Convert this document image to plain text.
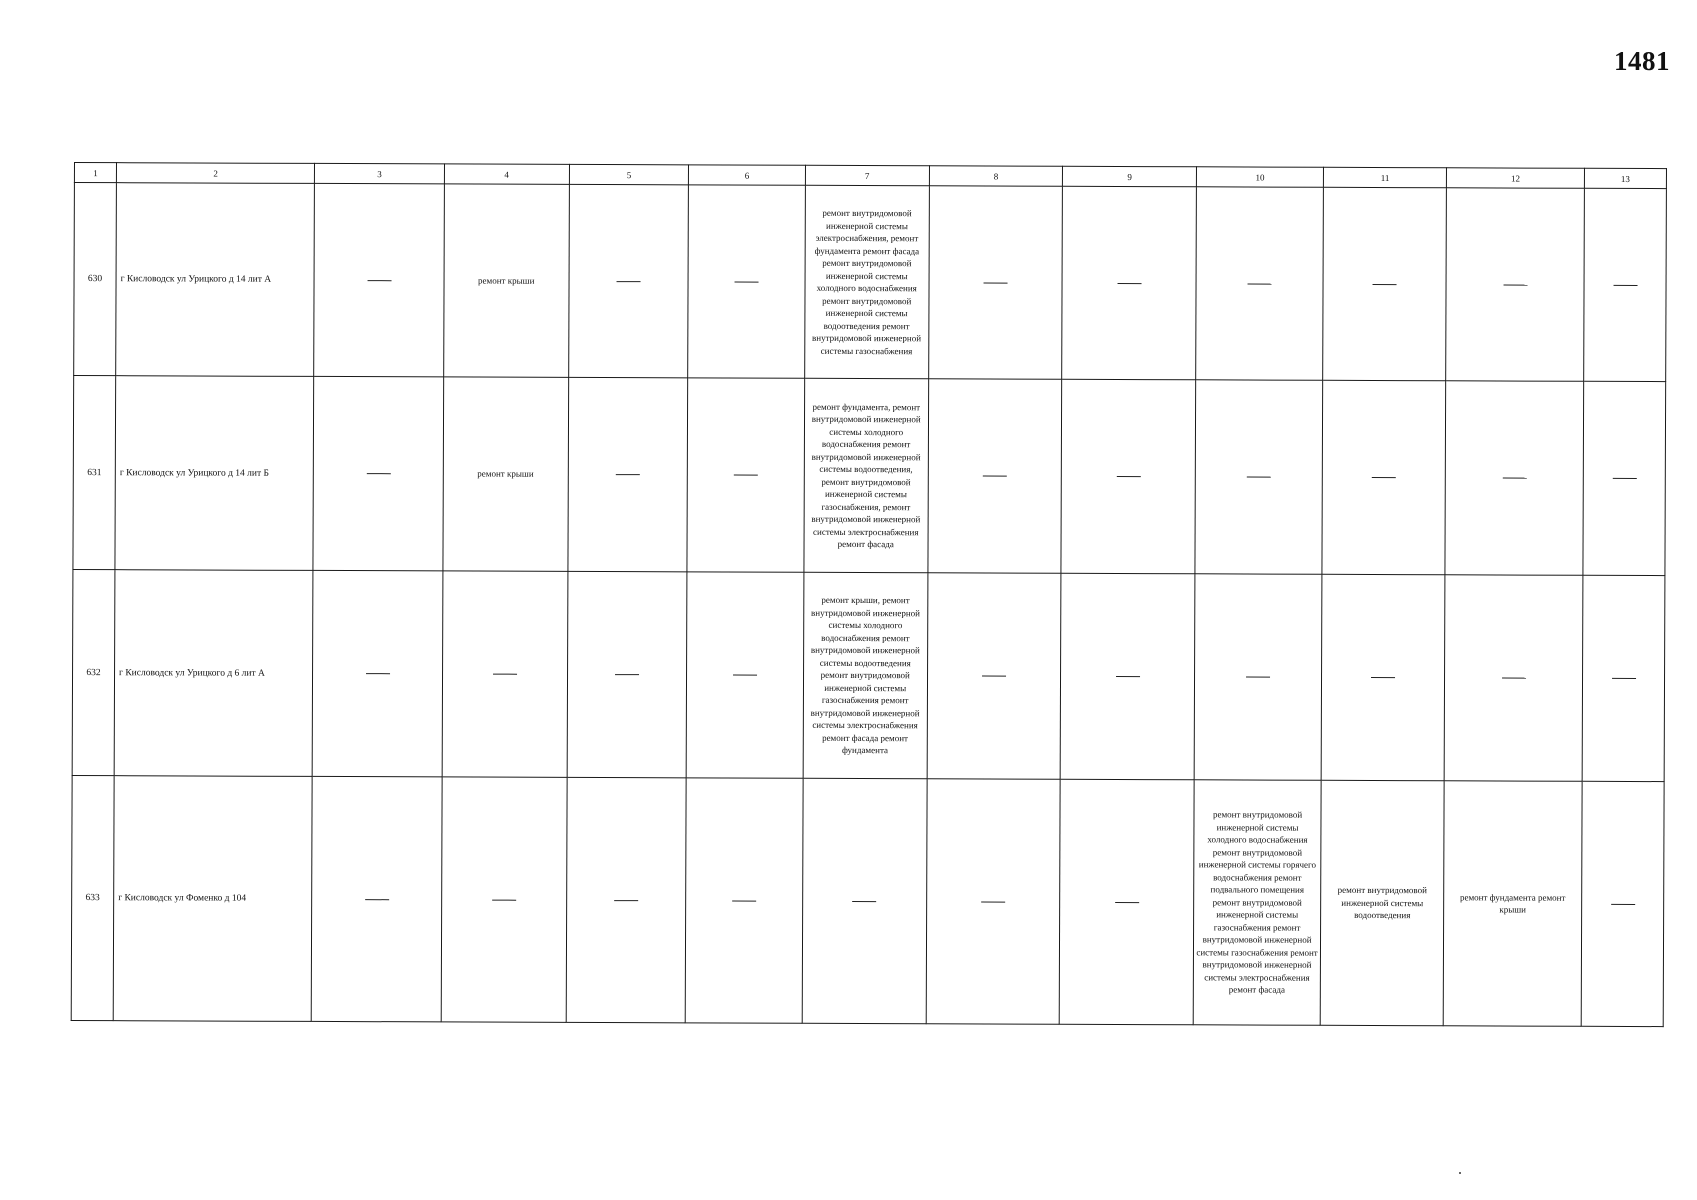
1481
1	2	3	4	5	6	7	8	9	10	11	12	13
630	г Кисловодск ул Урицкого д 14 лит А		ремонт крыши			ремонт внутридомовой инженерной системы электроснабжения, ремонт фундамента ремонт фасада ремонт внутридомовой инженерной системы холодного водоснабжения ремонт внутридомовой инженерной системы водоотведения ремонт внутридомовой инженерной системы газоснабжения						
631	г Кисловодск ул Урицкого д 14 лит Б		ремонт крыши			ремонт фундамента, ремонт внутридомовой инженерной системы холодного водоснабжения ремонт внутридомовой инженерной системы водоотведения, ремонт внутридомовой инженерной системы газоснабжения, ремонт внутридомовой инженерной системы электроснабжения ремонт фасада						
632	г Кисловодск ул Урицкого д 6 лит А					ремонт крыши, ремонт внутридомовой инженерной системы холодного водоснабжения ремонт внутридомовой инженерной системы водоотведения ремонт внутридомовой инженерной системы газоснабжения ремонт внутридомовой инженерной системы электроснабжения ремонт фасада ремонт фундамента						
633	г Кисловодск ул Фоменко д 104								ремонт внутридомовой инженерной системы холодного водоснабжения ремонт внутридомовой инженерной системы горячего водоснабжения ремонт подвального помещения ремонт внутридомовой инженерной системы газоснабжения ремонт внутридомовой инженерной системы газоснабжения ремонт внутридомовой инженерной системы электроснабжения ремонт фасада	ремонт внутридомовой инженерной системы водоотведения	ремонт фундамента ремонт крыши	
